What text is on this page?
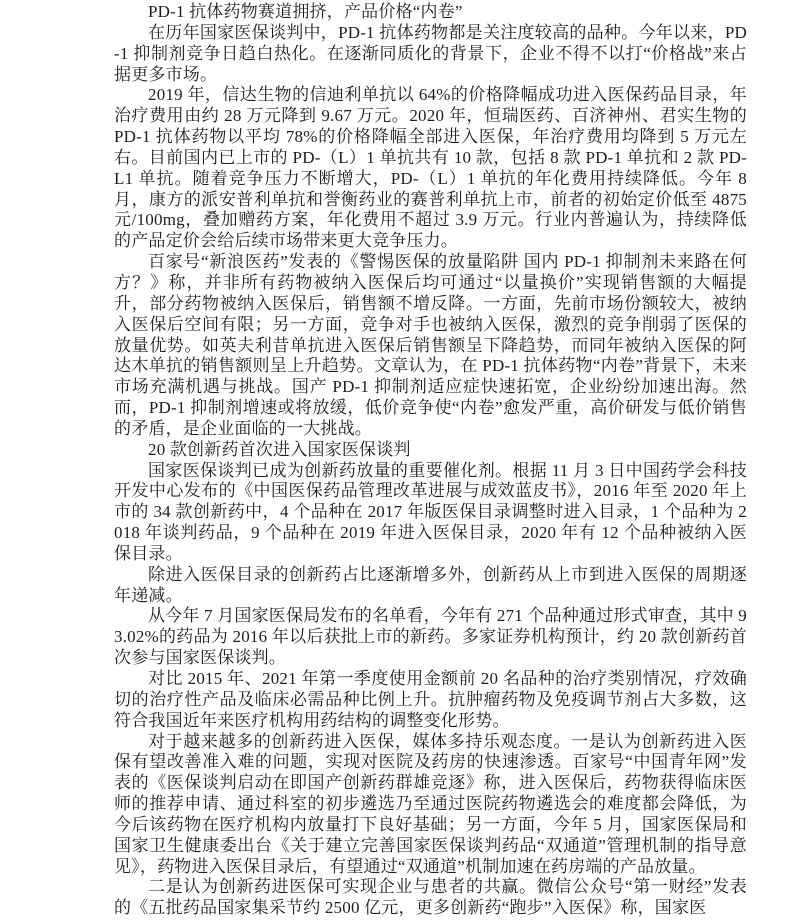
PD-1 抗体药物赛道拥挤，产品价格“内卷”

在历年国家医保谈判中，PD-1 抗体药物都是关注度较高的品种。今年以来，PD-1 抑制剂竞争日趋白热化。在逐渐同质化的背景下，企业不得不以打“价格战”来占据更多市场。

2019 年，信达生物的信迪利单抗以 64%的价格降幅成功进入医保药品目录，年治疗费用由约 28 万元降到 9.67 万元。2020 年，恒瑞医药、百济神州、君实生物的 PD-1 抗体药物以平均 78%的价格降幅全部进入医保，年治疗费用均降到 5 万元左右。目前国内已上市的 PD-（L）1 单抗共有 10 款，包括 8 款 PD-1 单抗和 2 款 PD-L1 单抗。随着竞争压力不断增大，PD-（L）1 单抗的年化费用持续降低。今年 8 月，康方的派安普利单抗和誉衡药业的赛普利单抗上市，前者的初始定价低至 4875 元/100mg，叠加赠药方案，年化费用不超过 3.9 万元。行业内普遍认为，持续降低的产品定价会给后续市场带来更大竞争压力。

百家号“新浪医药”发表的《警惕医保的放量陷阱 国内 PD-1 抑制剂未来路在何方？》称，并非所有药物被纳入医保后均可通过“以量换价”实现销售额的大幅提升，部分药物被纳入医保后，销售额不增反降。一方面，先前市场份额较大，被纳入医保后空间有限；另一方面，竞争对手也被纳入医保，激烈的竞争削弱了医保的放量优势。如英夫利昔单抗进入医保后销售额呈下降趋势，而同年被纳入医保的阿达木单抗的销售额则呈上升趋势。文章认为，在 PD-1 抗体药物“内卷”背景下，未来市场充满机遇与挑战。国产 PD-1 抑制剂适应症快速拓宽，企业纷纷加速出海。然而，PD-1 抑制剂增速或将放缓，低价竞争使“内卷”愈发严重，高价研发与低价销售的矛盾，是企业面临的一大挑战。

20 款创新药首次进入国家医保谈判

国家医保谈判已成为创新药放量的重要催化剂。根据 11 月 3 日中国药学会科技开发中心发布的《中国医保药品管理改革进展与成效蓝皮书》，2016 年至 2020 年上市的 34 款创新药中，4 个品种在 2017 年版医保目录调整时进入目录，1 个品种为 2018 年谈判药品，9 个品种在 2019 年进入医保目录，2020 年有 12 个品种被纳入医保目录。

除进入医保目录的创新药占比逐渐增多外，创新药从上市到进入医保的周期逐年递减。

从今年 7 月国家医保局发布的名单看，今年有 271 个品种通过形式审查，其中 93.02%的药品为 2016 年以后获批上市的新药。多家证券机构预计，约 20 款创新药首次参与国家医保谈判。

对比 2015 年、2021 年第一季度使用金额前 20 名品种的治疗类别情况，疗效确切的治疗性产品及临床必需品种比例上升。抗肿瘤药物及免疫调节剂占大多数，这符合我国近年来医疗机构用药结构的调整变化形势。

对于越来越多的创新药进入医保，媒体多持乐观态度。一是认为创新药进入医保有望改善准入难的问题，实现对医院及药房的快速渗透。百家号“中国青年网”发表的《医保谈判启动在即国产创新药群雄竞逐》称，进入医保后，药物获得临床医师的推荐申请、通过科室的初步遴选乃至通过医院药物遴选会的难度都会降低，为今后该药物在医疗机构内放量打下良好基础；另一方面，今年 5 月，国家医保局和国家卫生健康委出台《关于建立完善国家医保谈判药品“双通道”管理机制的指导意见》，药物进入医保目录后，有望通过“双通道”机制加速在药房端的产品放量。

二是认为创新药进医保可实现企业与患者的共赢。微信公众号“第一财经”发表的《五批药品国家集采节约 2500 亿元，更多创新药“跑步”入医保》称，国家医
